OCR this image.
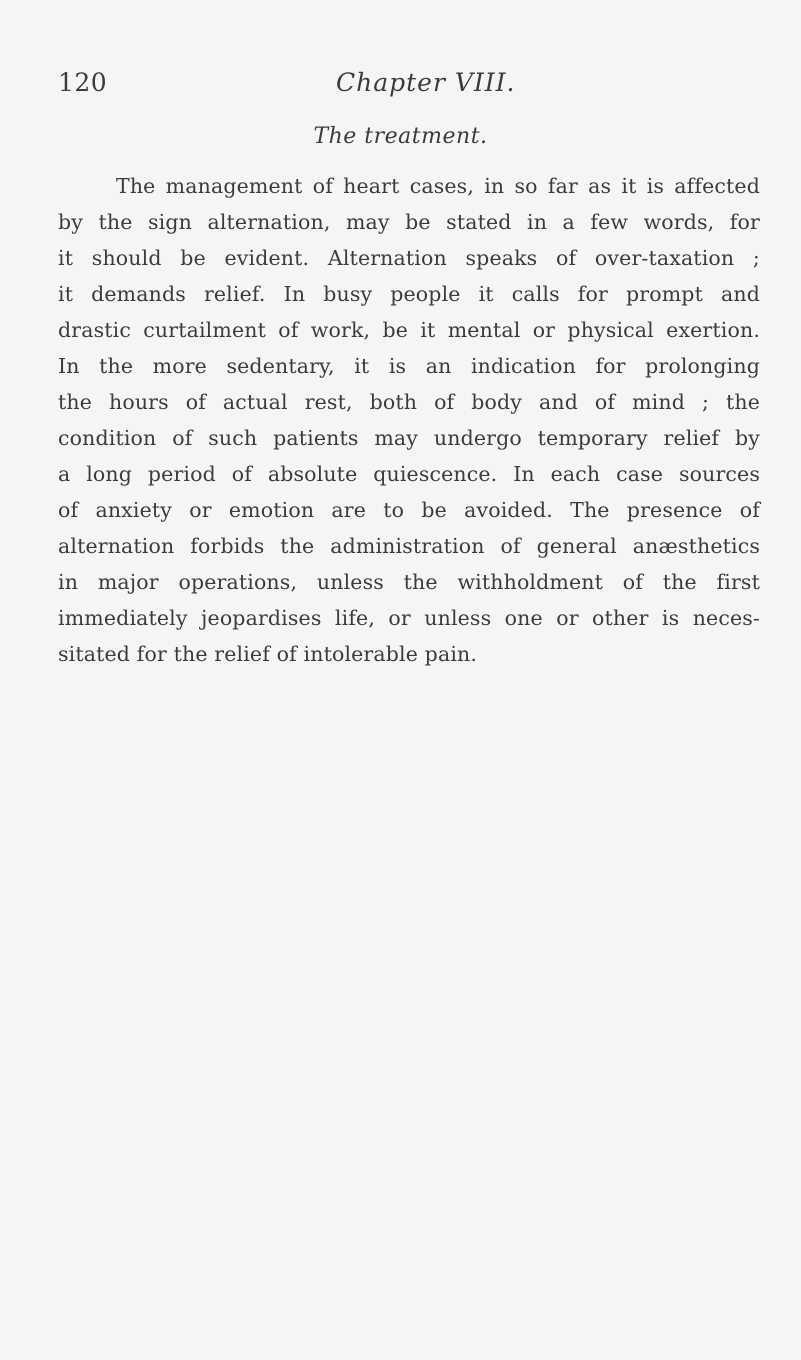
120	Chapter VIII.
The treatment.
The management of heart cases, in so far as it is affected
by the sign alternation, may be stated in a few words, for
it should be evident. Alternation speaks of over-taxation ;
it demands relief. In busy people it calls for prompt and
drastic curtailment of work, be it mental or physical exertion.
In the more sedentary, it is an indication for prolonging
the hours of actual rest, both of body and of mind ; the
condition of such patients may undergo temporary relief by
a long period of absolute quiescence. In each case sources
of anxiety or emotion are to be avoided. The presence of
alternation forbids the administration of general anæsthetics
in major operations, unless the withholdment of the first
immediately jeopardises life, or unless one or other is neces-
sitated for the relief of intolerable pain.
